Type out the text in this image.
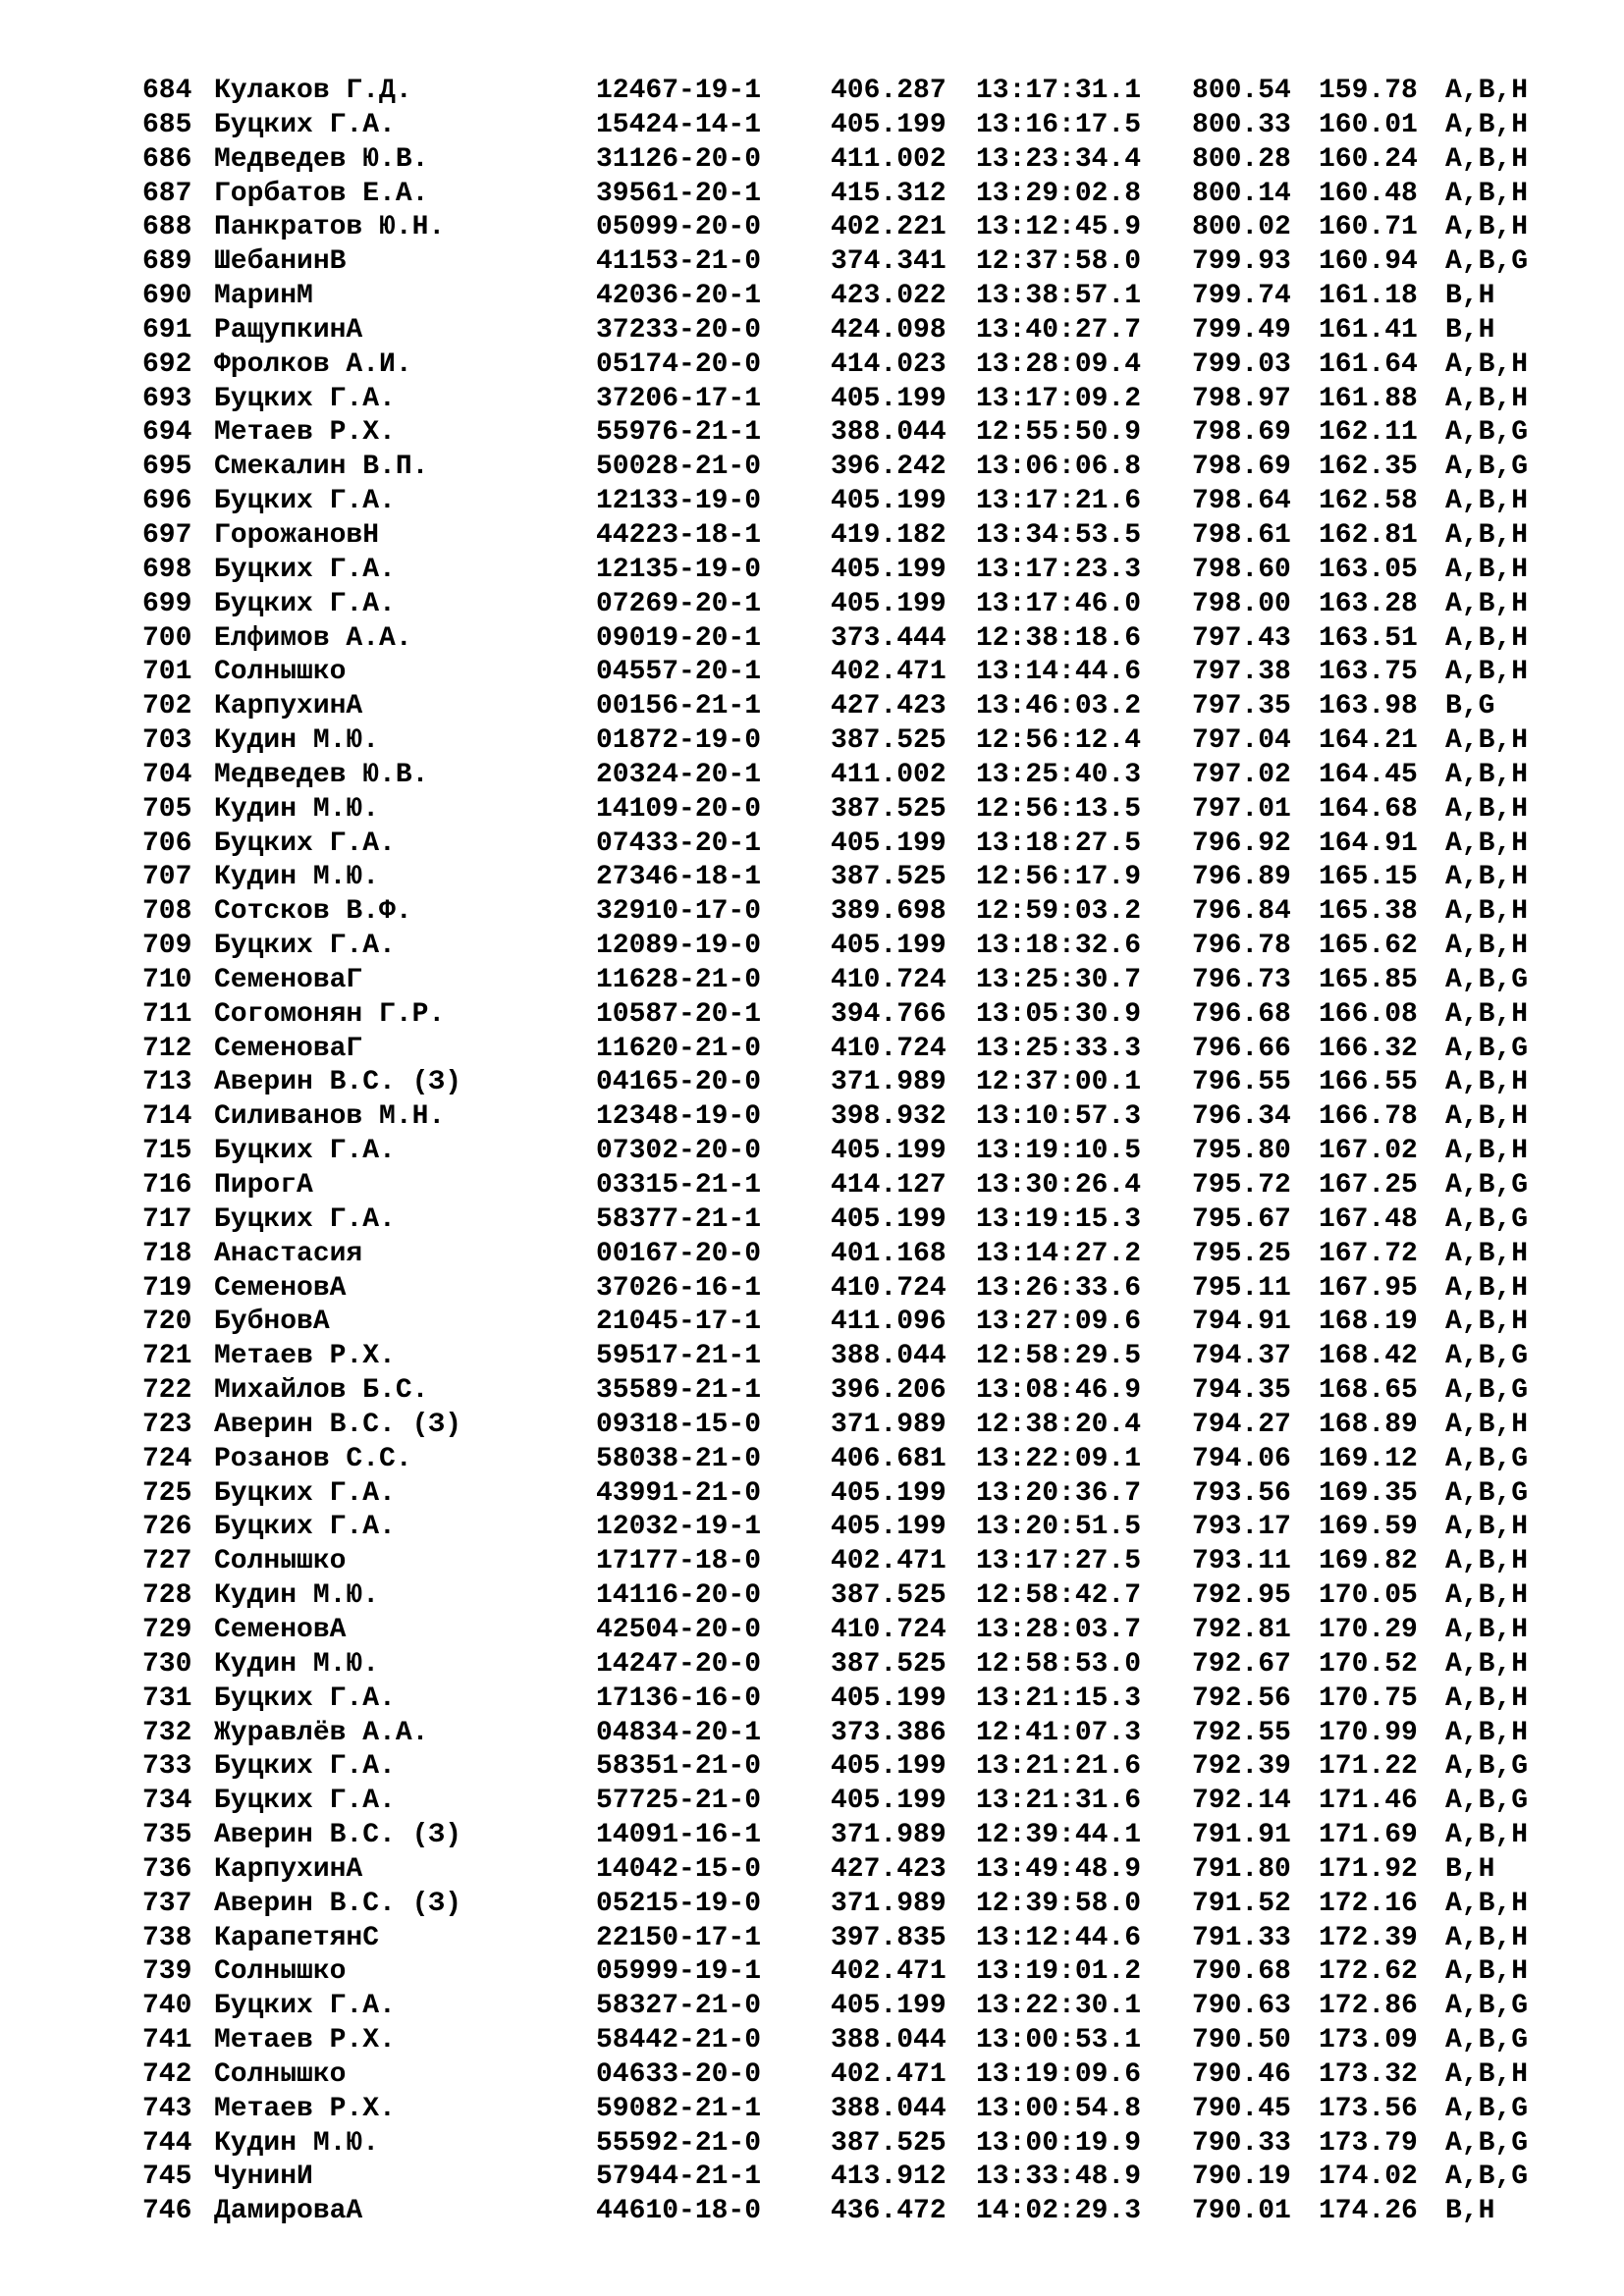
684 Кулаков Г.Д.	12467-19-1	406.287 13:17:31.1 800.54 159.78 A,B,H
685 Буцких Г.А.	15424-14-1	405.199 13:16:17.5 800.33 160.01 A,B,H
686 Медведев Ю.В.	31126-20-0	411.002 13:23:34.4 800.28 160.24 A,B,H
687 Горбатов Е.А.	39561-20-1	415.312 13:29:02.8 800.14 160.48 A,B,H
688 Панкратов Ю.Н.	05099-20-0	402.221 13:12:45.9 800.02 160.71 A,B,H
689 ШебанинВ	41153-21-0	374.341 12:37:58.0 799.93 160.94 A,B,G
690 МаринМ	42036-20-1	423.022 13:38:57.1 799.74 161.18 B,H
691 РащупкинА	37233-20-0	424.098 13:40:27.7 799.49 161.41 B,H
692 Фролков А.И.	05174-20-0	414.023 13:28:09.4 799.03 161.64 A,B,H
693 Буцких Г.А.	37206-17-1	405.199 13:17:09.2 798.97 161.88 A,B,H
694 Метаев Р.Х.	55976-21-1	388.044 12:55:50.9 798.69 162.11 A,B,G
695 Смекалин В.П.	50028-21-0	396.242 13:06:06.8 798.69 162.35 A,B,G
696 Буцких Г.А.	12133-19-0	405.199 13:17:21.6 798.64 162.58 A,B,H
697 ГорожановН	44223-18-1	419.182 13:34:53.5 798.61 162.81 A,B,H
698 Буцких Г.А.	12135-19-0	405.199 13:17:23.3 798.60 163.05 A,B,H
699 Буцких Г.А.	07269-20-1	405.199 13:17:46.0 798.00 163.28 A,B,H
700 Елфимов А.А.	09019-20-1	373.444 12:38:18.6 797.43 163.51 A,B,H
701 Солнышко	04557-20-1	402.471 13:14:44.6 797.38 163.75 A,B,H
702 КарпухинА	00156-21-1	427.423 13:46:03.2 797.35 163.98 B,G
703 Кудин М.Ю.	01872-19-0	387.525 12:56:12.4 797.04 164.21 A,B,H
704 Медведев Ю.В.	20324-20-1	411.002 13:25:40.3 797.02 164.45 A,B,H
705 Кудин М.Ю.	14109-20-0	387.525 12:56:13.5 797.01 164.68 A,B,H
706 Буцких Г.А.	07433-20-1	405.199 13:18:27.5 796.92 164.91 A,B,H
707 Кудин М.Ю.	27346-18-1	387.525 12:56:17.9 796.89 165.15 A,B,H
708 Сотсков В.Ф.	32910-17-0	389.698 12:59:03.2 796.84 165.38 A,B,H
709 Буцких Г.А.	12089-19-0	405.199 13:18:32.6 796.78 165.62 A,B,H
710 СеменоваГ	11628-21-0	410.724 13:25:30.7 796.73 165.85 A,B,G
711 Согомонян Г.Р.	10587-20-1	394.766 13:05:30.9 796.68 166.08 A,B,H
712 СеменоваГ	11620-21-0	410.724 13:25:33.3 796.66 166.32 A,B,G
713 Аверин В.С. (З)	04165-20-0	371.989 12:37:00.1 796.55 166.55 A,B,H
714 Силиванов М.Н.	12348-19-0	398.932 13:10:57.3 796.34 166.78 A,B,H
715 Буцких Г.А.	07302-20-0	405.199 13:19:10.5 795.80 167.02 A,B,H
716 ПирогА	03315-21-1	414.127 13:30:26.4 795.72 167.25 A,B,G
717 Буцких Г.А.	58377-21-1	405.199 13:19:15.3 795.67 167.48 A,B,G
718 Анастасия	00167-20-0	401.168 13:14:27.2 795.25 167.72 A,B,H
719 СеменовА	37026-16-1	410.724 13:26:33.6 795.11 167.95 A,B,H
720 БубновА	21045-17-1	411.096 13:27:09.6 794.91 168.19 A,B,H
721 Метаев Р.Х.	59517-21-1	388.044 12:58:29.5 794.37 168.42 A,B,G
722 Михайлов Б.С.	35589-21-1	396.206 13:08:46.9 794.35 168.65 A,B,G
723 Аверин В.С. (З)	09318-15-0	371.989 12:38:20.4 794.27 168.89 A,B,H
724 Розанов С.С.	58038-21-0	406.681 13:22:09.1 794.06 169.12 A,B,G
725 Буцких Г.А.	43991-21-0	405.199 13:20:36.7 793.56 169.35 A,B,G
726 Буцких Г.А.	12032-19-1	405.199 13:20:51.5 793.17 169.59 A,B,H
727 Солнышко	17177-18-0	402.471 13:17:27.5 793.11 169.82 A,B,H
728 Кудин М.Ю.	14116-20-0	387.525 12:58:42.7 792.95 170.05 A,B,H
729 СеменовА	42504-20-0	410.724 13:28:03.7 792.81 170.29 A,B,H
730 Кудин М.Ю.	14247-20-0	387.525 12:58:53.0 792.67 170.52 A,B,H
731 Буцких Г.А.	17136-16-0	405.199 13:21:15.3 792.56 170.75 A,B,H
732 Журавлёв А.А.	04834-20-1	373.386 12:41:07.3 792.55 170.99 A,B,H
733 Буцких Г.А.	58351-21-0	405.199 13:21:21.6 792.39 171.22 A,B,G
734 Буцких Г.А.	57725-21-0	405.199 13:21:31.6 792.14 171.46 A,B,G
735 Аверин В.С. (З)	14091-16-1	371.989 12:39:44.1 791.91 171.69 A,B,H
736 КарпухинА	14042-15-0	427.423 13:49:48.9 791.80 171.92 B,H
737 Аверин В.С. (З)	05215-19-0	371.989 12:39:58.0 791.52 172.16 A,B,H
738 КарапетянС	22150-17-1	397.835 13:12:44.6 791.33 172.39 A,B,H
739 Солнышко	05999-19-1	402.471 13:19:01.2 790.68 172.62 A,B,H
740 Буцких Г.А.	58327-21-0	405.199 13:22:30.1 790.63 172.86 A,B,G
741 Метаев Р.Х.	58442-21-0	388.044 13:00:53.1 790.50 173.09 A,B,G
742 Солнышко	04633-20-0	402.471 13:19:09.6 790.46 173.32 A,B,H
743 Метаев Р.Х.	59082-21-1	388.044 13:00:54.8 790.45 173.56 A,B,G
744 Кудин М.Ю.	55592-21-0	387.525 13:00:19.9 790.33 173.79 A,B,G
745 ЧунинИ	57944-21-1	413.912 13:33:48.9 790.19 174.02 A,B,G
746 ДамироваА	44610-18-0	436.472 14:02:29.3 790.01 174.26 B,H
